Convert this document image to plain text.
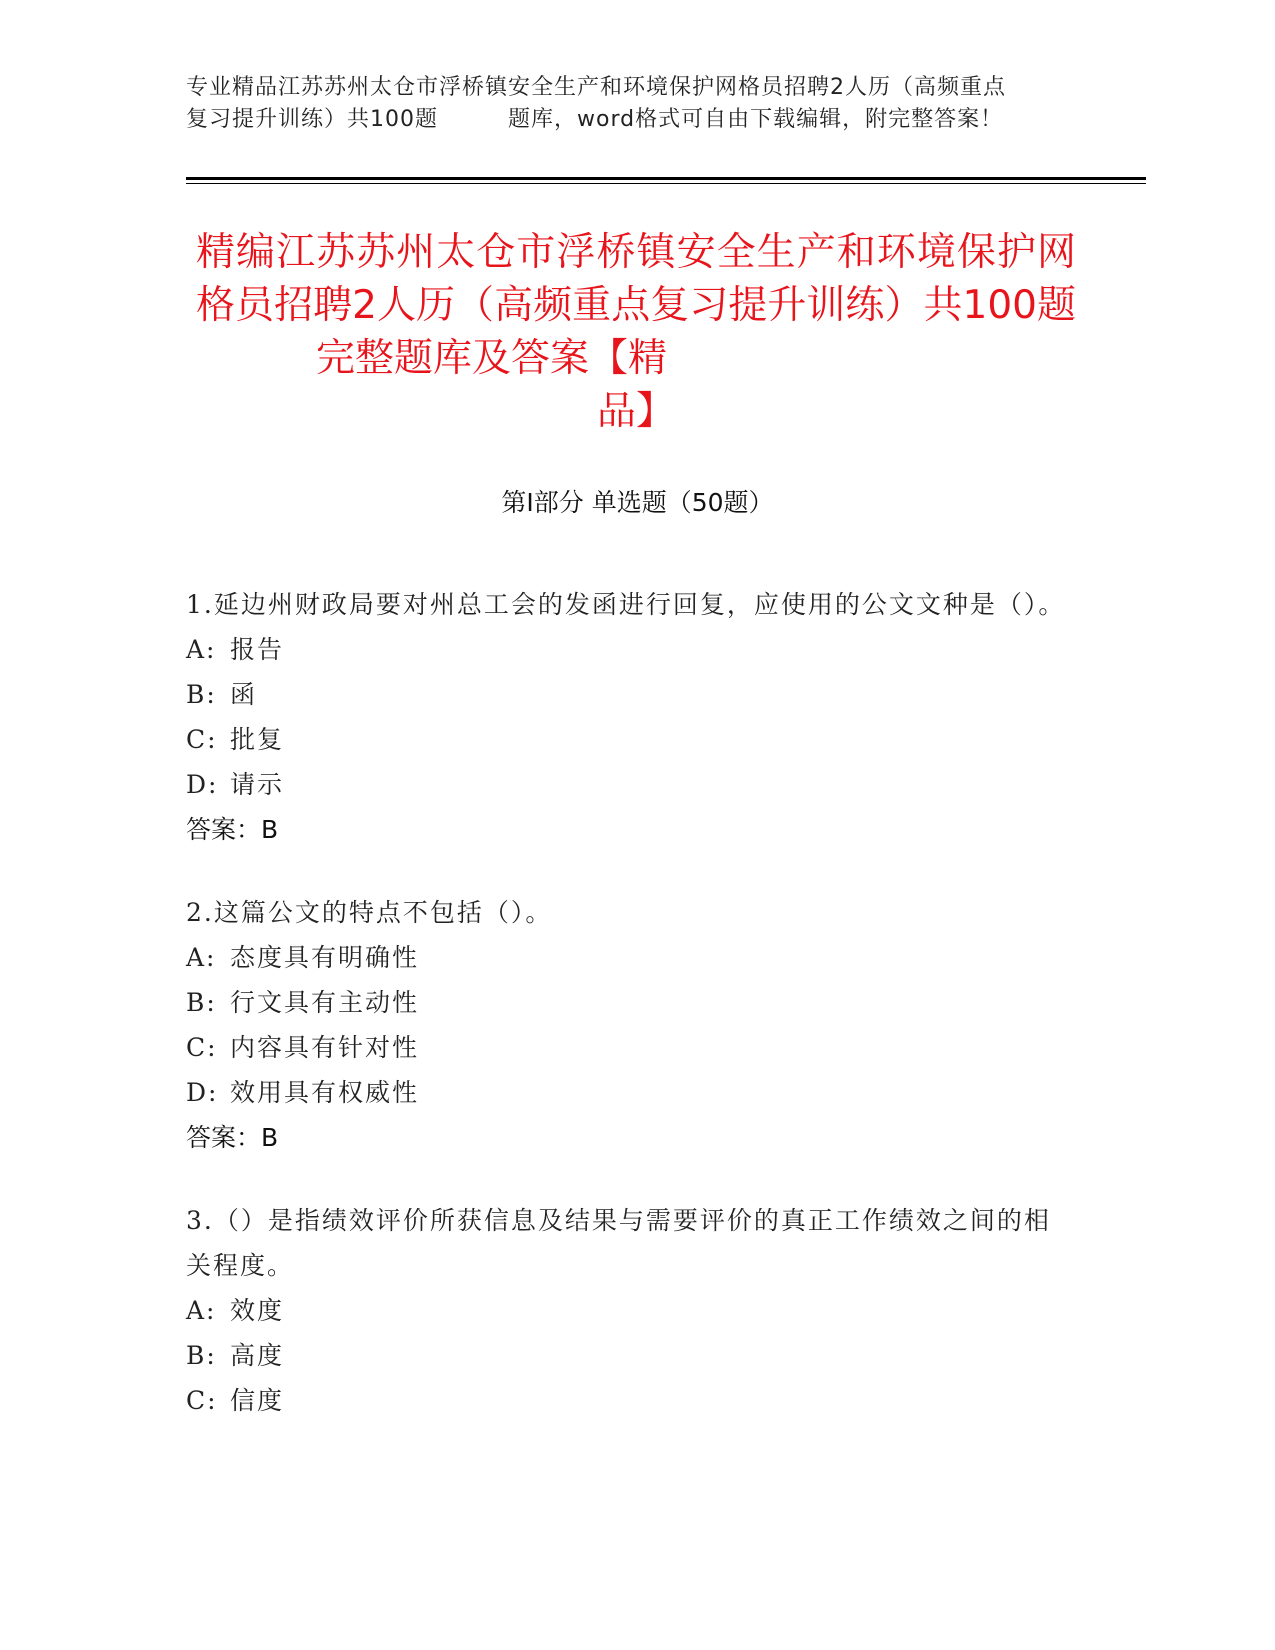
专业精品江苏苏州太仓市浮桥镇安全生产和环境保护网格员招聘2人历（高频重点
复习提升训练）共100题	题库，word格式可自由下载编辑，附完整答案！
精编江苏苏州太仓市浮桥镇安全生产和环境保护网格员招聘2人历（高频重点复习提升训练）共100题完整题库及答案【精
品】
第Ⅰ部分 单选题（50题）

1.延边州财政局要对州总工会的发函进行回复，应使用的公文文种是（）。

A: 报告

B: 函

C: 批复

D: 请示

答案：B

2.这篇公文的特点不包括（）。

A: 态度具有明确性

B: 行文具有主动性

C: 内容具有针对性

D: 效用具有权威性

答案：B

3.（）是指绩效评价所获信息及结果与需要评价的真正工作绩效之间的相关程度。

A: 效度

B: 高度

C: 信度
